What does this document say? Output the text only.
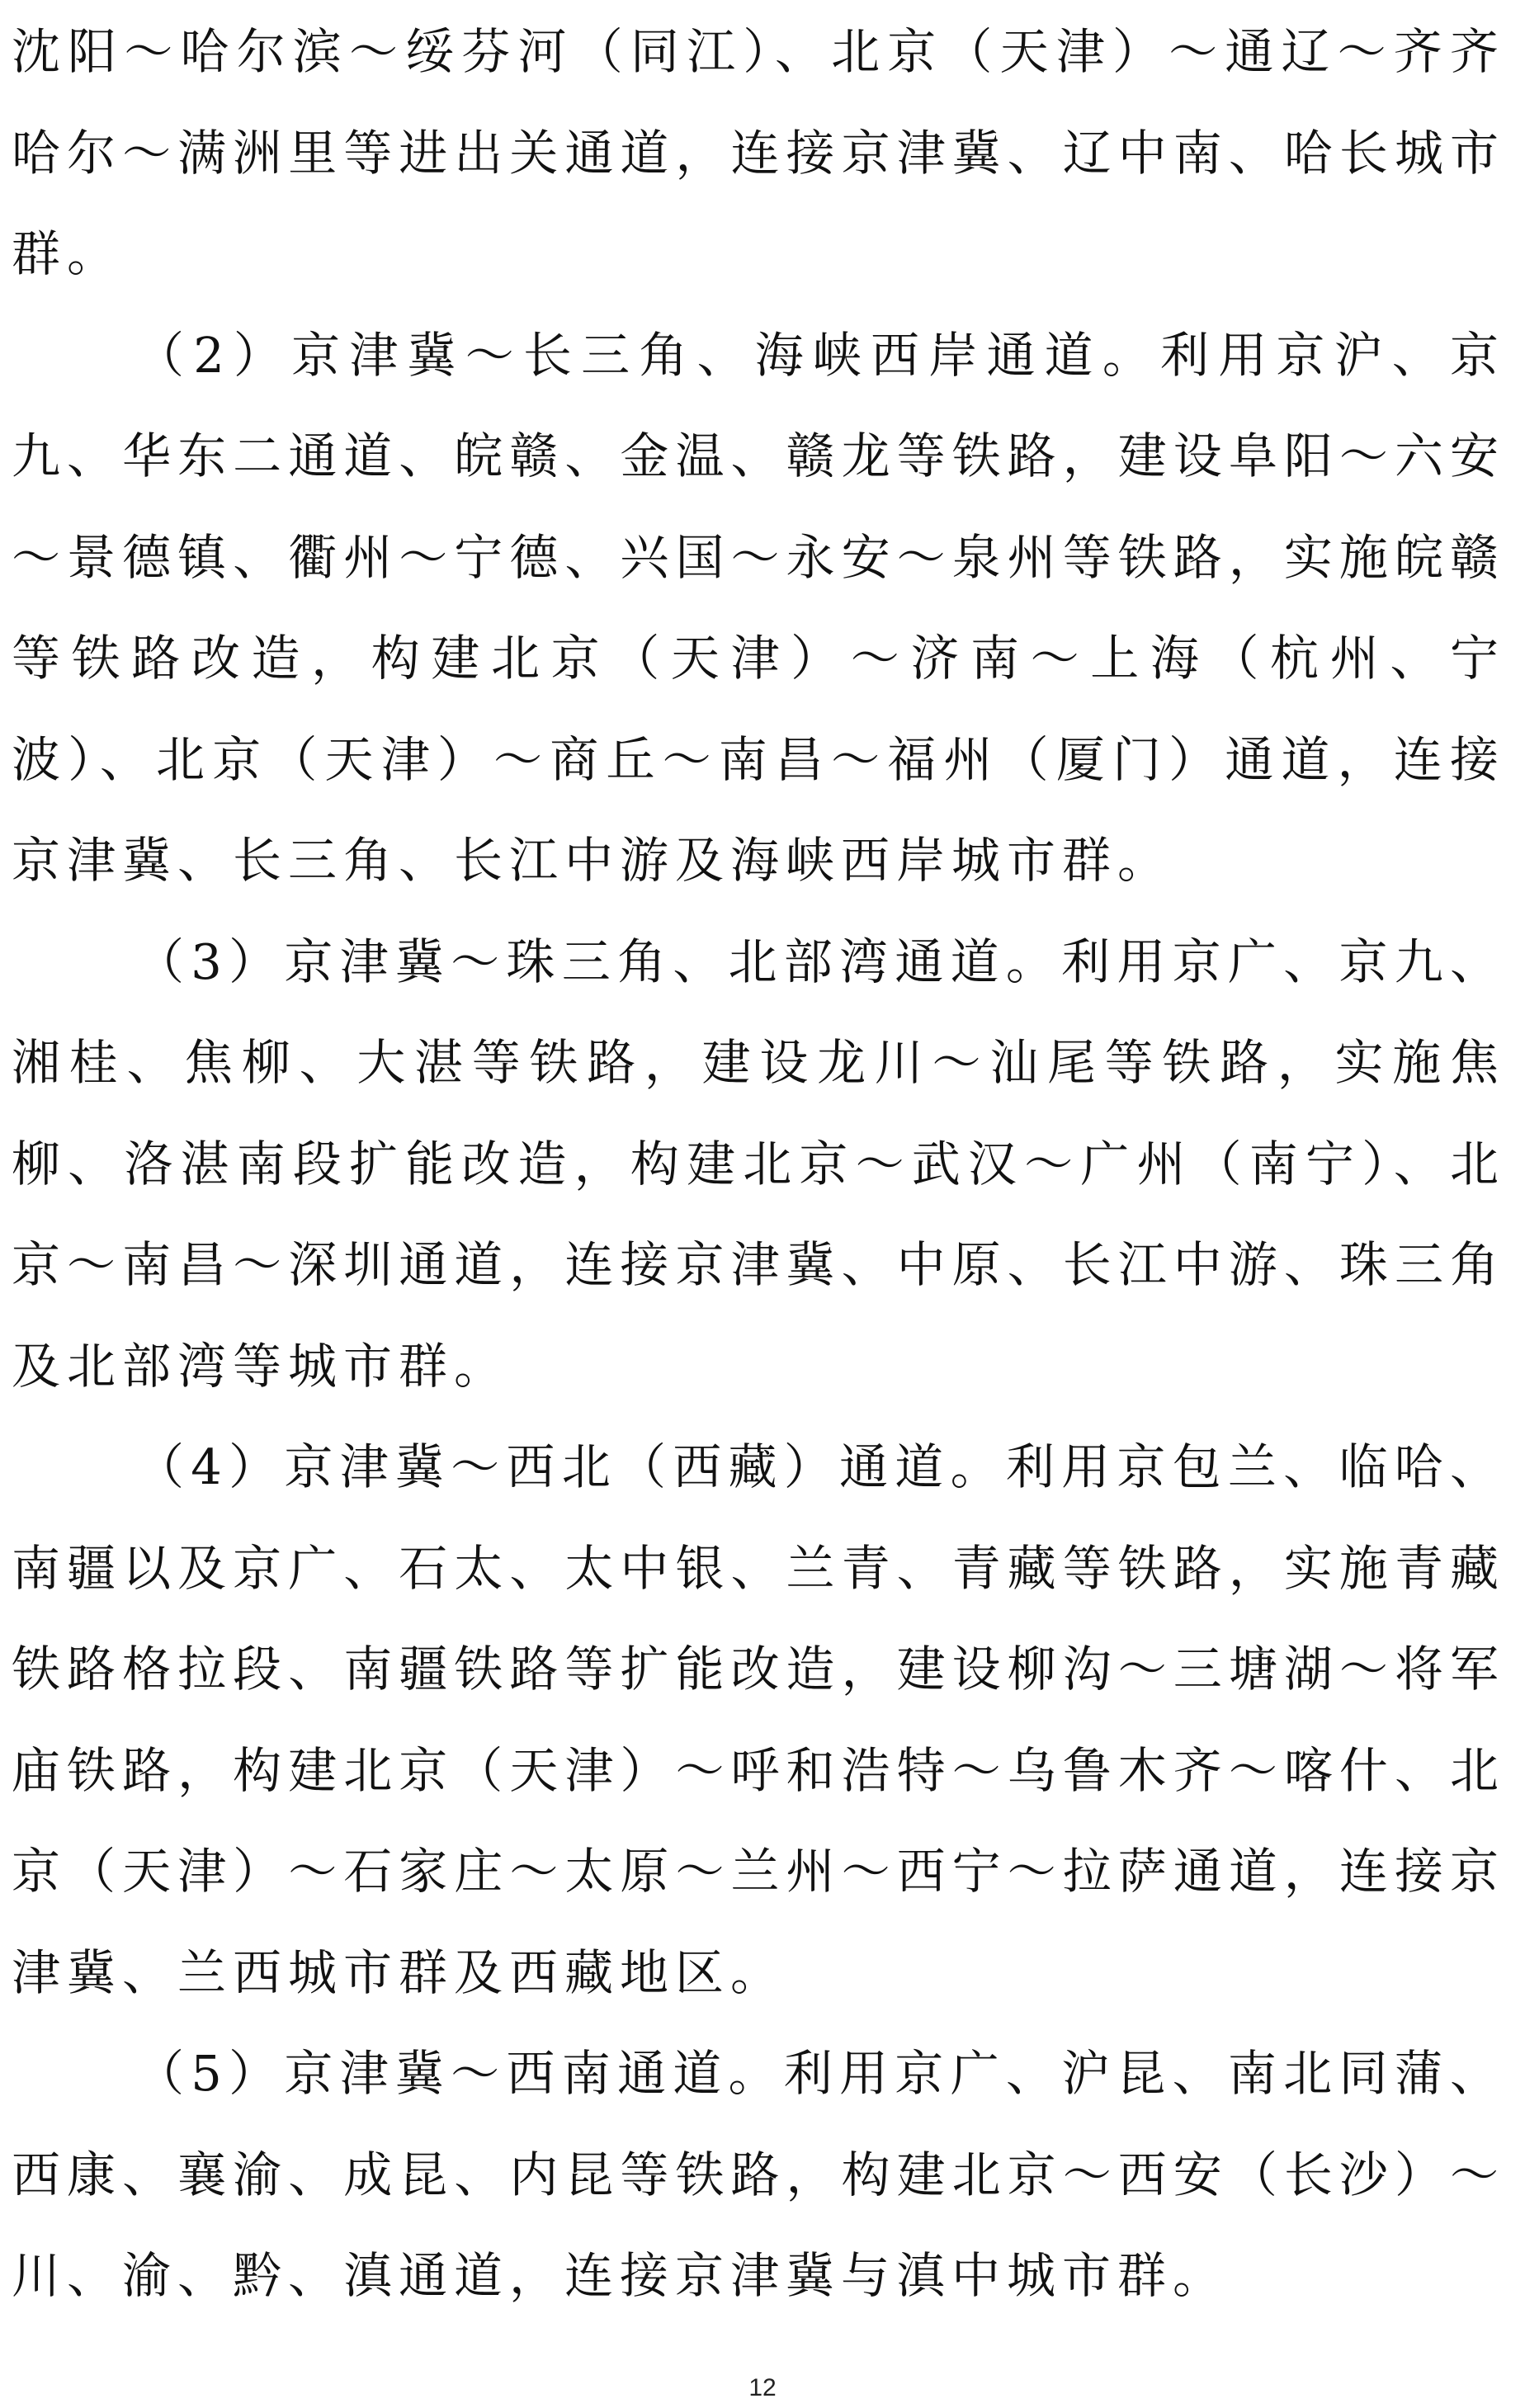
沈阳～哈尔滨～绥芬河（同江）、北京（天津）～通辽～齐齐哈尔～满洲里等进出关通道，连接京津冀、辽中南、哈长城市群。

（2）京津冀～长三角、海峡西岸通道。利用京沪、京九、华东二通道、皖赣、金温、赣龙等铁路，建设阜阳～六安～景德镇、衢州～宁德、兴国～永安～泉州等铁路，实施皖赣等铁路改造，构建北京（天津）～济南～上海（杭州、宁波）、北京（天津）～商丘～南昌～福州（厦门）通道，连接京津冀、长三角、长江中游及海峡西岸城市群。

（3）京津冀～珠三角、北部湾通道。利用京广、京九、湘桂、焦柳、大湛等铁路，建设龙川～汕尾等铁路，实施焦柳、洛湛南段扩能改造，构建北京～武汉～广州（南宁）、北京～南昌～深圳通道，连接京津冀、中原、长江中游、珠三角及北部湾等城市群。

（4）京津冀～西北（西藏）通道。利用京包兰、临哈、南疆以及京广、石太、太中银、兰青、青藏等铁路，实施青藏铁路格拉段、南疆铁路等扩能改造，建设柳沟～三塘湖～将军庙铁路，构建北京（天津）～呼和浩特～乌鲁木齐～喀什、北京（天津）～石家庄～太原～兰州～西宁～拉萨通道，连接京津冀、兰西城市群及西藏地区。

（5）京津冀～西南通道。利用京广、沪昆、南北同蒲、西康、襄渝、成昆、内昆等铁路，构建北京～西安（长沙）～川、渝、黔、滇通道，连接京津冀与滇中城市群。

12
